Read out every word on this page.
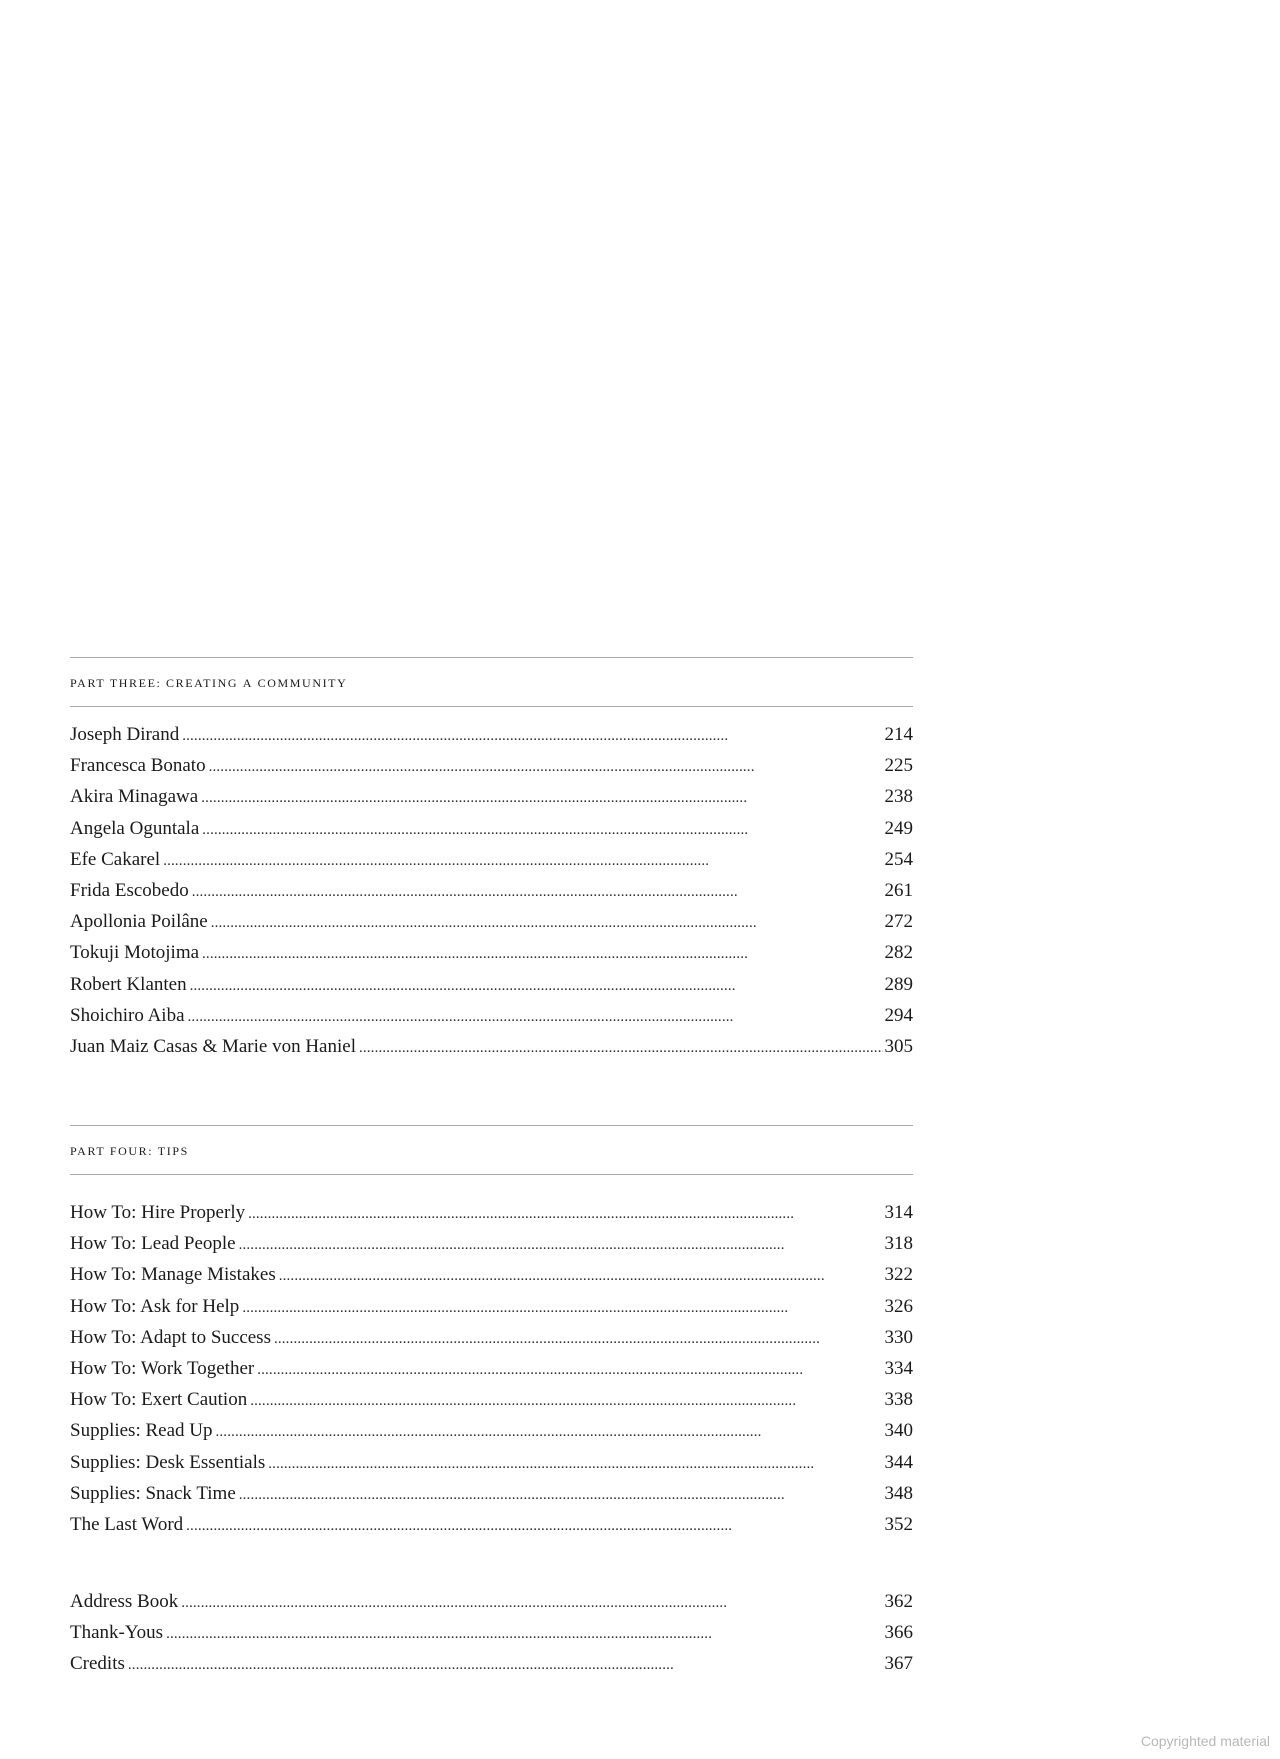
part three: creating a community
Joseph Dirand . . .	214
Francesca Bonato . . .	225
Akira Minagawa . . .	238
Angela Oguntala . . .	249
Efe Cakarel . . .	254
Frida Escobedo . . .	261
Apollonia Poilâne . . .	272
Tokuji Motojima . . .	282
Robert Klanten . . .	289
Shoichiro Aiba . . .	294
Juan Maiz Casas & Marie von Haniel . . .	305
part four: tips
How To: Hire Properly . . .	314
How To: Lead People . . .	318
How To: Manage Mistakes . . .	322
How To: Ask for Help . . .	326
How To: Adapt to Success . . .	330
How To: Work Together . . .	334
How To: Exert Caution . . .	338
Supplies: Read Up . . .	340
Supplies: Desk Essentials . . .	344
Supplies: Snack Time . . .	348
The Last Word . . .	352
Address Book . . .	362
Thank-Yous . . .	366
Credits . . .	367
Copyrighted material
